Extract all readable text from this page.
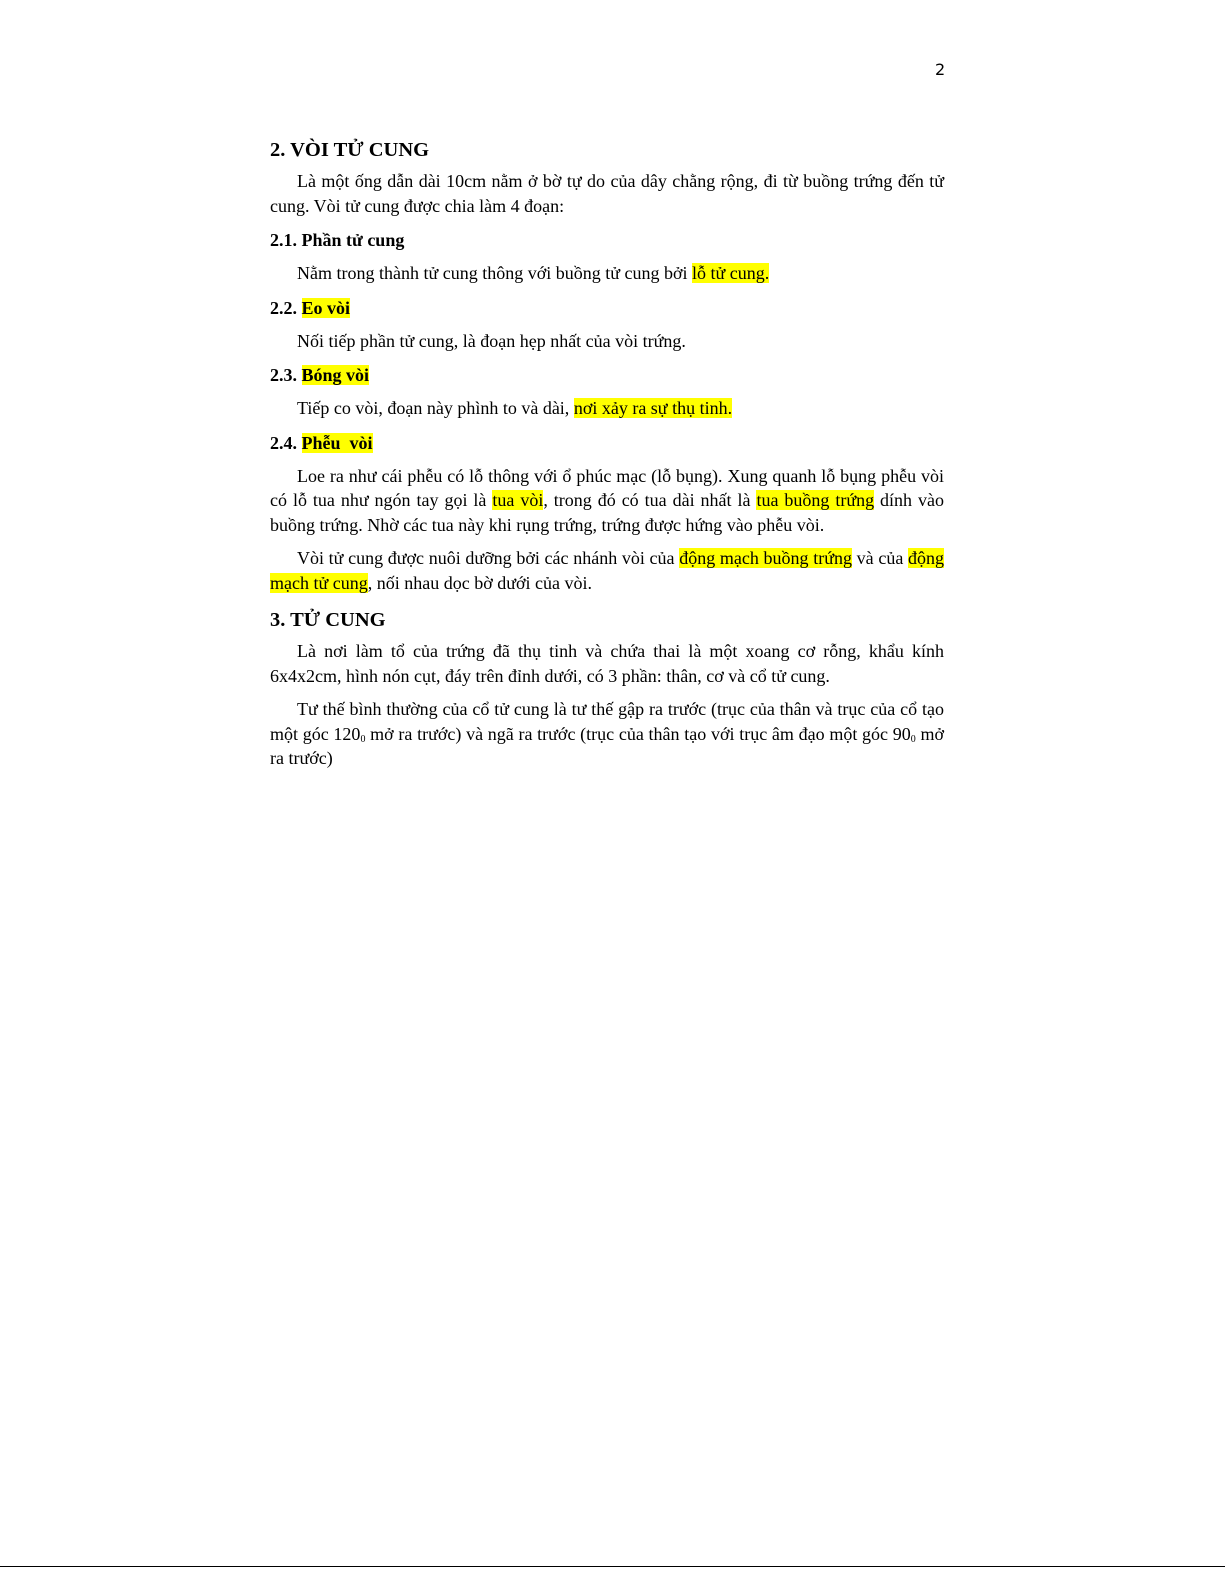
2
2. VÒI TỬ CUNG
Là một ống dẫn dài 10cm nằm ở bờ tự do của dây chằng rộng, đi từ buồng trứng đến tử cung. Vòi tử cung được chia làm 4 đoạn:
2.1. Phần tử cung
Nằm trong thành tử cung thông với buồng tử cung bởi lỗ tử cung.
2.2. Eo vòi
Nối tiếp phần tử cung, là đoạn hẹp nhất của vòi trứng.
2.3. Bóng vòi
Tiếp co vòi, đoạn này phình to và dài, nơi xảy ra sự thụ tinh.
2.4. Phễu  vòi
Loe ra như cái phễu có lỗ thông với ổ phúc mạc (lỗ bụng). Xung quanh lỗ bụng phễu vòi có lỗ tua như ngón tay gọi là tua vòi, trong đó có tua dài nhất là tua buồng trứng dính vào buồng trứng. Nhờ các tua này khi rụng trứng, trứng được hứng vào phễu vòi.
Vòi tử cung được nuôi dưỡng bởi các nhánh vòi của động mạch buồng trứng và của động mạch tử cung, nối nhau dọc bờ dưới của vòi.
3. TỬ CUNG
Là nơi làm tổ của trứng đã thụ tinh và chứa thai là một xoang cơ rỗng, khẩu kính 6x4x2cm, hình nón cụt, đáy trên đỉnh dưới, có 3 phần: thân, cơ và cổ tử cung.
Tư thế bình thường của cổ tử cung là tư thế gập ra trước (trục của thân và trục của cổ tạo một góc $120_0$ mở ra trước) và ngã ra trước (trục của thân tạo với trục âm đạo một góc $90_0$ mở ra trước)
